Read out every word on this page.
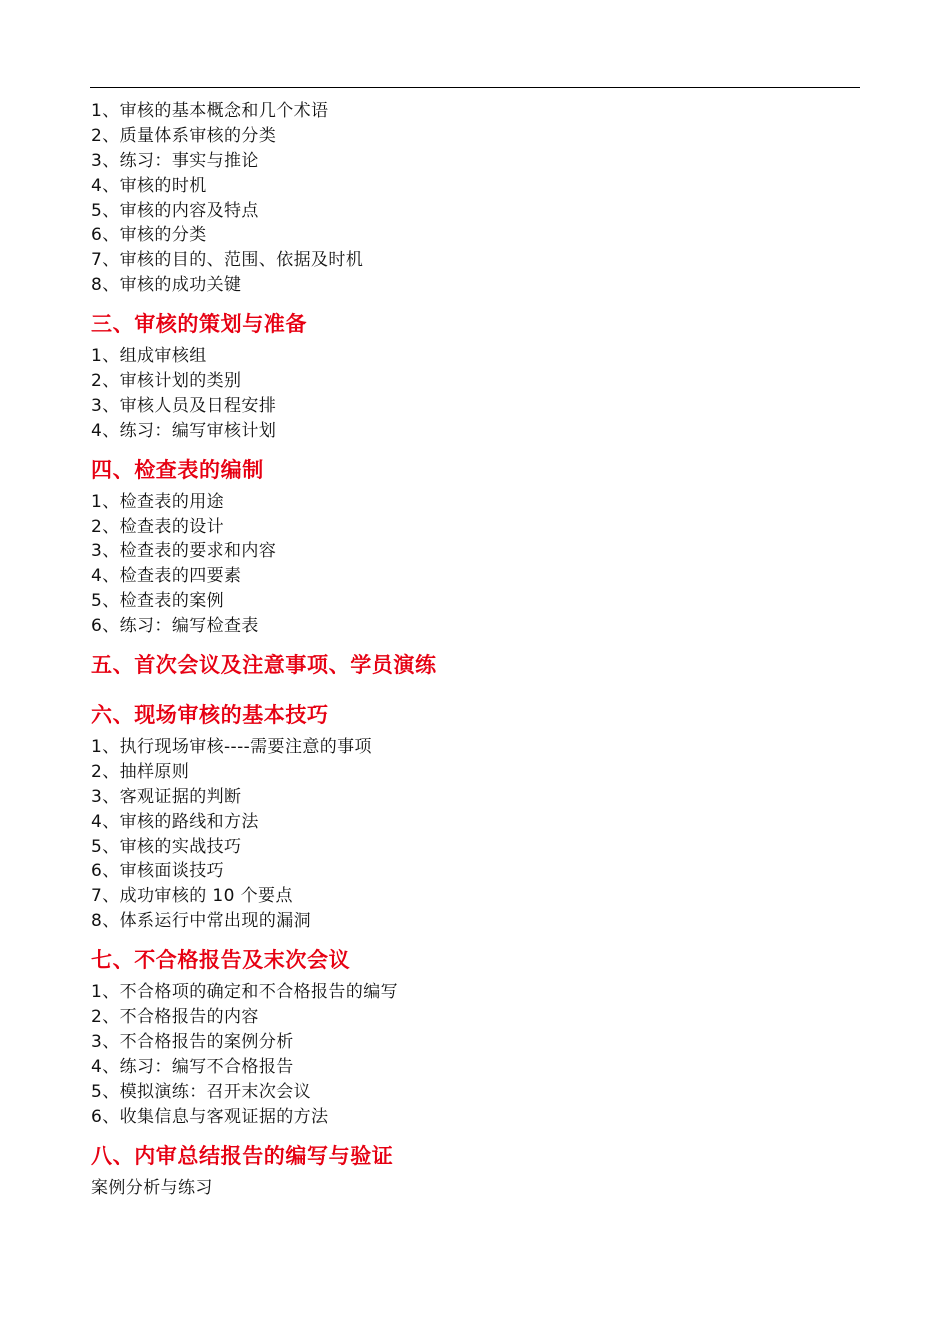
1、审核的基本概念和几个术语
2、质量体系审核的分类
3、练习：事实与推论
4、审核的时机
5、审核的内容及特点
6、审核的分类
7、审核的目的、范围、依据及时机
8、审核的成功关键
三、审核的策划与准备
1、组成审核组
2、审核计划的类别
3、审核人员及日程安排
4、练习：编写审核计划
四、检查表的编制
1、检查表的用途
2、检查表的设计
3、检查表的要求和内容
4、检查表的四要素
5、检查表的案例
6、练习：编写检查表
五、首次会议及注意事项、学员演练
六、现场审核的基本技巧
1、执行现场审核----需要注意的事项
2、抽样原则
3、客观证据的判断
4、审核的路线和方法
5、审核的实战技巧
6、审核面谈技巧
7、成功审核的 10 个要点
8、体系运行中常出现的漏洞
七、不合格报告及末次会议
1、不合格项的确定和不合格报告的编写
2、不合格报告的内容
3、不合格报告的案例分析
4、练习：编写不合格报告
5、模拟演练：召开末次会议
6、收集信息与客观证据的方法
八、内审总结报告的编写与验证
案例分析与练习
